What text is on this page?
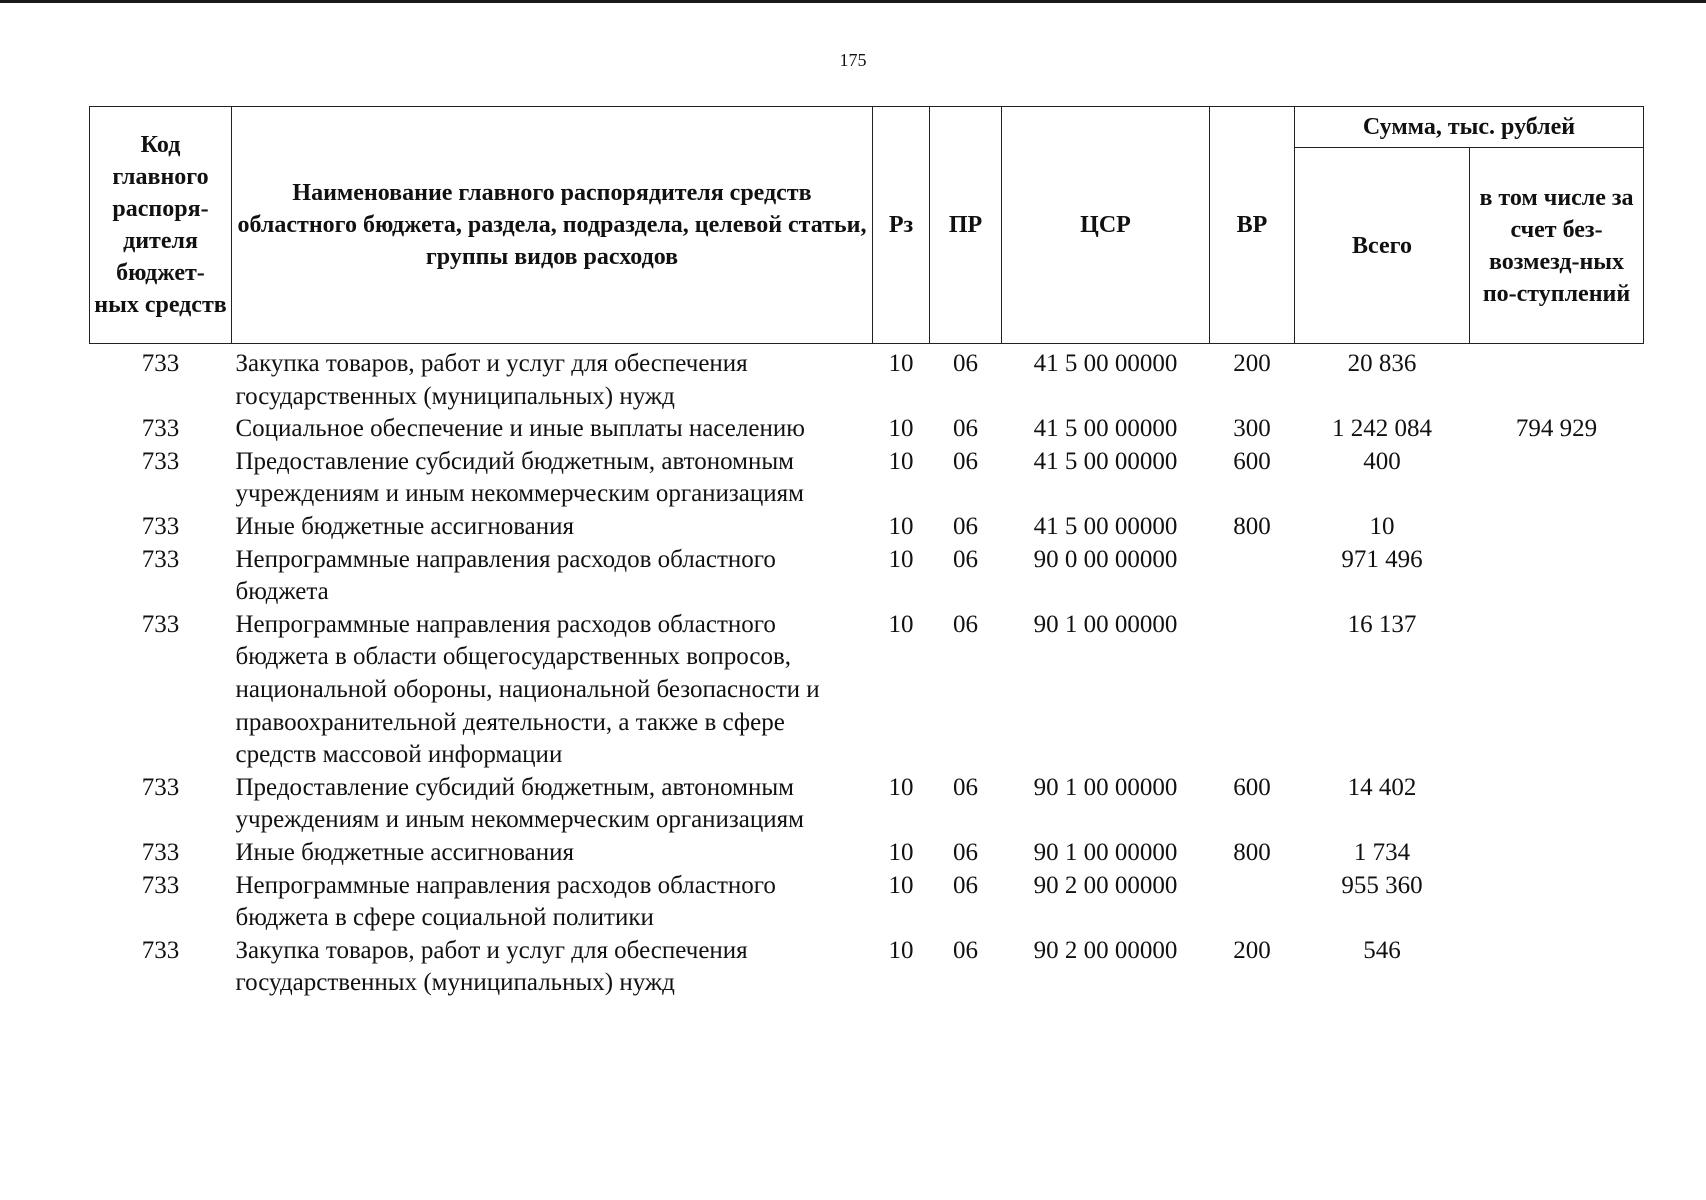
175
Код главного распоря-дителя бюджет-ных средств	Наименование главного распорядителя средств областного бюджета, раздела, подраздела, целевой статьи, группы видов расходов	Рз	ПР	ЦСР	ВР	Сумма, тыс. рублей	
						Всего	в том числе за счет без-возмезд-ных по-ступлений
733	Закупка товаров, работ и услуг для обеспечения государственных (муниципальных) нужд	10	06	41 5 00 00000	200	20 836	
733	Социальное обеспечение и иные выплаты населению	10	06	41 5 00 00000	300	1 242 084	794 929
733	Предоставление субсидий бюджетным, автономным учреждениям и иным некоммерческим организациям	10	06	41 5 00 00000	600	400	
733	Иные бюджетные ассигнования	10	06	41 5 00 00000	800	10	
733	Непрограммные направления расходов областного бюджета	10	06	90 0 00 00000		971 496	
733	Непрограммные направления расходов областного бюджета в области общегосударственных вопросов, национальной обороны, национальной безопасности и правоохранительной деятельности, а также в сфере средств массовой информации	10	06	90 1 00 00000		16 137	
733	Предоставление субсидий бюджетным, автономным учреждениям и иным некоммерческим организациям	10	06	90 1 00 00000	600	14 402	
733	Иные бюджетные ассигнования	10	06	90 1 00 00000	800	1 734	
733	Непрограммные направления расходов областного бюджета в сфере социальной политики	10	06	90 2 00 00000		955 360	
733	Закупка товаров, работ и услуг для обеспечения государственных (муниципальных) нужд	10	06	90 2 00 00000	200	546	
